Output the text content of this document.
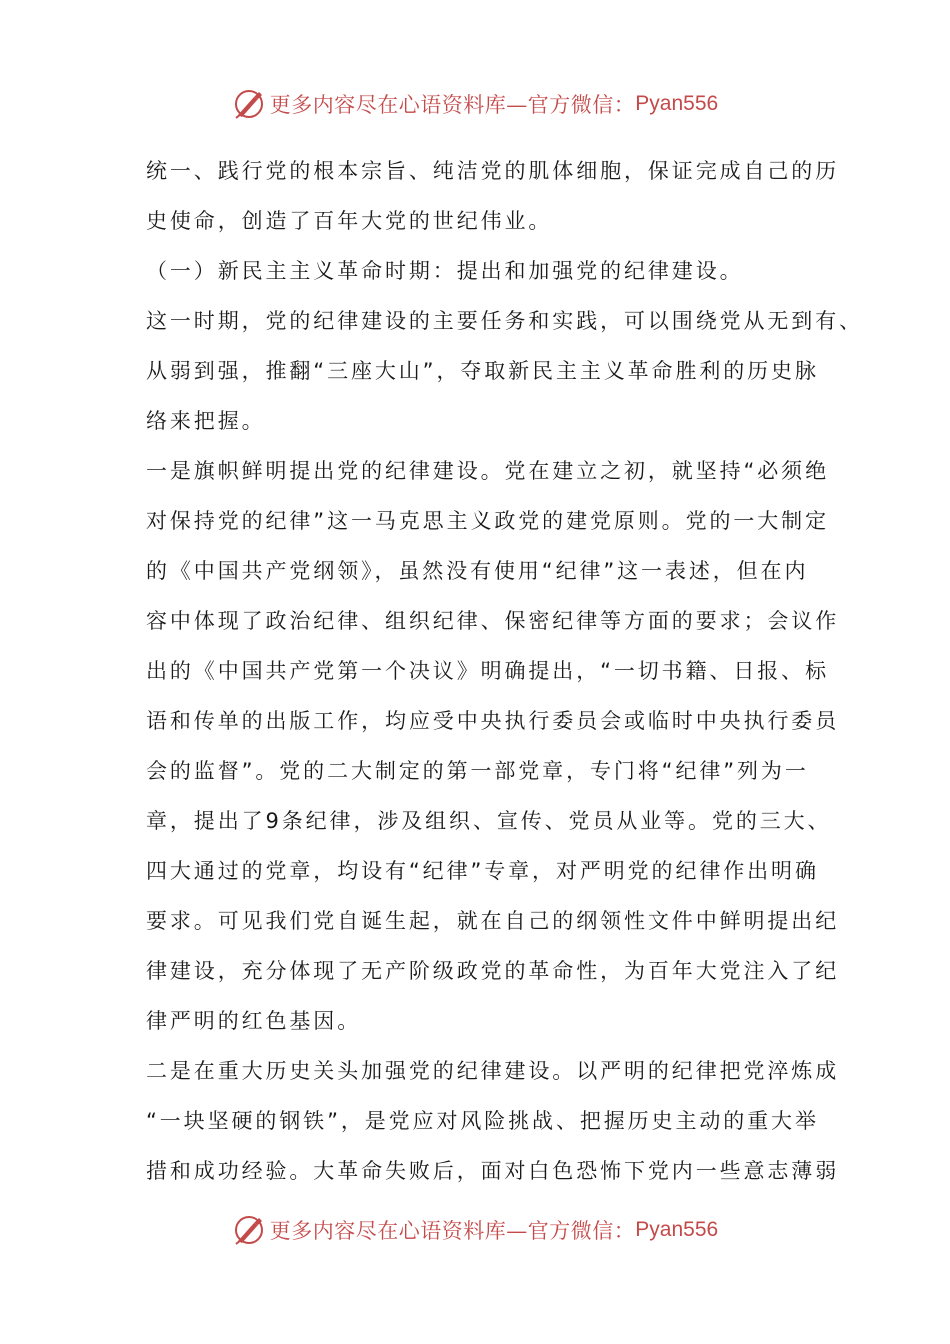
更多内容尽在心语资料库—官方微信： Pyan556
统一、践行党的根本宗旨、纯洁党的肌体细胞，保证完成自己的历
史使命，创造了百年大党的世纪伟业。
（一）新民主主义革命时期：提出和加强党的纪律建设。
这一时期，党的纪律建设的主要任务和实践，可以围绕党从无到有、
从弱到强，推翻“三座大山”，夺取新民主主义革命胜利的历史脉
络来把握。
一是旗帜鲜明提出党的纪律建设。党在建立之初，就坚持“必须绝
对保持党的纪律”这一马克思主义政党的建党原则。党的一大制定
的《中国共产党纲领》，虽然没有使用“纪律”这一表述，但在内
容中体现了政治纪律、组织纪律、保密纪律等方面的要求；会议作
出的《中国共产党第一个决议》明确提出，“一切书籍、日报、标
语和传单的出版工作，均应受中央执行委员会或临时中央执行委员
会的监督”。党的二大制定的第一部党章，专门将“纪律”列为一
章，提出了9条纪律，涉及组织、宣传、党员从业等。党的三大、
四大通过的党章，均设有“纪律”专章，对严明党的纪律作出明确
要求。可见我们党自诞生起，就在自己的纲领性文件中鲜明提出纪
律建设，充分体现了无产阶级政党的革命性，为百年大党注入了纪
律严明的红色基因。
二是在重大历史关头加强党的纪律建设。以严明的纪律把党淬炼成
“一块坚硬的钢铁”，是党应对风险挑战、把握历史主动的重大举
措和成功经验。大革命失败后，面对白色恐怖下党内一些意志薄弱
更多内容尽在心语资料库—官方微信： Pyan556
